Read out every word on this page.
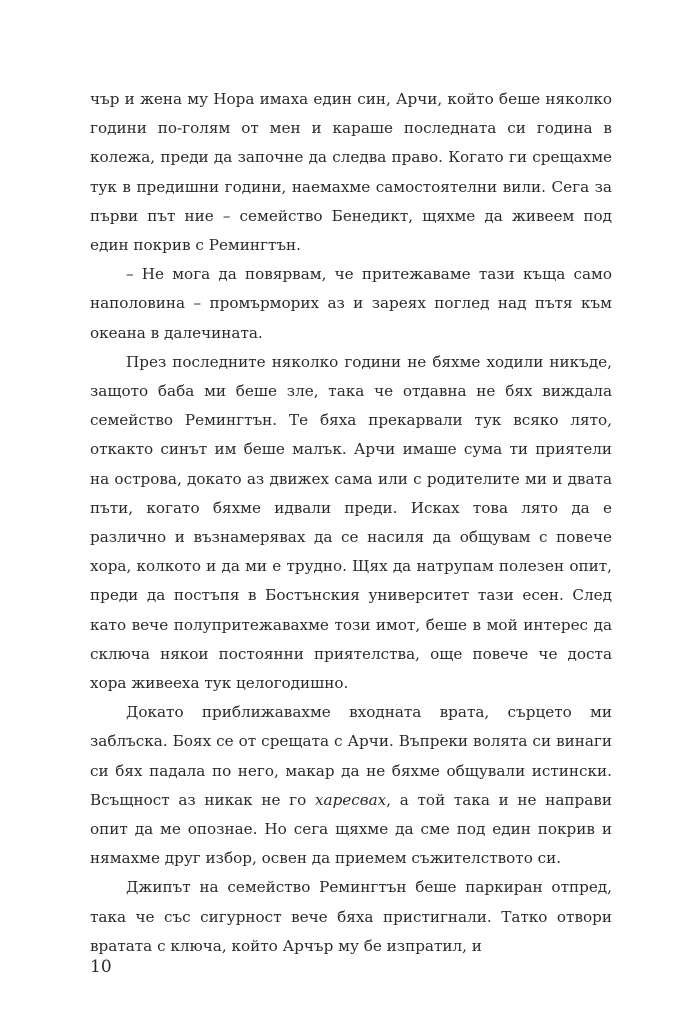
чър и жена му Нора имаха един син, Арчи, който беше няколко години по-голям от мен и караше последната си година в колежа, преди да започне да следва право. Когато ги срещахме тук в предишни години, наемахме самостоятелни вили. Сега за първи път ние – семейство Бенедикт, щяхме да живеем под един покрив с Ремингтън.

– Не мога да повярвам, че притежаваме тази къща само наполовина – промърморих аз и зареях поглед над пътя към океана в далечината.

През последните няколко години не бяхме ходили никъде, защото баба ми беше зле, така че отдавна не бях виждала семейство Ремингтън. Те бяха прекарвали тук всяко лято, откакто синът им беше малък. Арчи имаше сума ти приятели на острова, докато аз движех сама или с родителите ми и двата пъти, когато бяхме идвали преди. Исках това лято да е различно и възнамерявах да се насиля да общувам с повече хора, колкото и да ми е трудно. Щях да натрупам полезен опит, преди да постъпя в Бостънския университет тази есен. След като вече полупритежавахме този имот, беше в мой интерес да сключа някои постоянни приятелства, още повече че доста хора живееха тук целогодишно.

Докато приближавахме входната врата, сърцето ми заблъска. Боях се от срещата с Арчи. Въпреки волята си винаги си бях падала по него, макар да не бяхме общували истински. Всъщност аз никак не го харесвах, а той така и не направи опит да ме опознае. Но сега щяхме да сме под един покрив и нямахме друг избор, освен да приемем съжителството си.

Джипът на семейство Ремингтън беше паркиран отпред, така че със сигурност вече бяха пристигнали. Татко отвори вратата с ключа, който Арчър му бе изпратил, и

10
